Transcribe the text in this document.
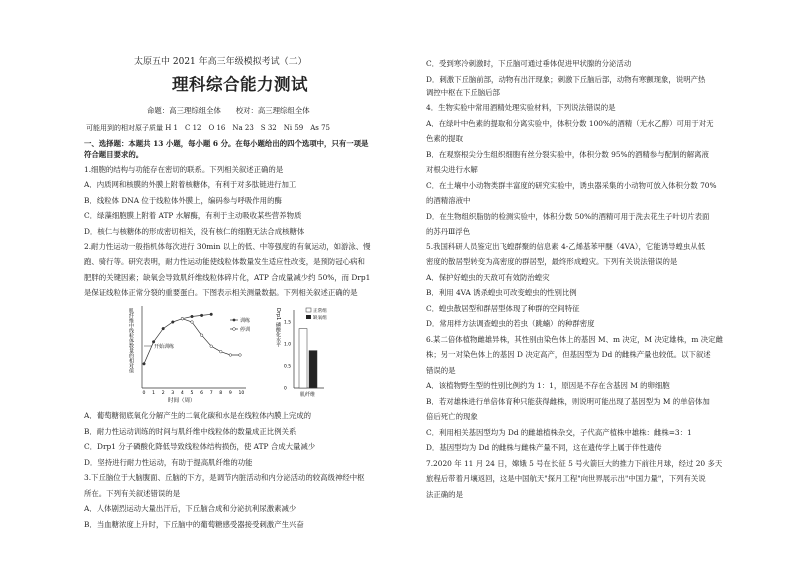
太原五中 2021 年高三年级模拟考试（二）
理科综合能力测试
命题：高三理综组全体　　校对：高三理综组全体
可能用到的相对原子质量 H 1　C 12　O 16　Na 23　S 32　Ni 59　As 75
一、选择题：本题共 13 小题，每小题 6 分。在每小题给出的四个选项中，只有一项是
符合题目要求的。
1.细胞的结构与功能存在密切的联系。下列相关叙述正确的是
A．内质网和核膜的外膜上附着核糖体，有利于对多肽链进行加工
B．线粒体 DNA 位于线粒体外膜上，编码参与呼吸作用的酶
C．绿藻细胞膜上附着 ATP 水解酶，有利于主动吸收某些营养物质
D．核仁与核糖体的形成密切相关，没有核仁的细胞无法合成核糖体
2.耐力性运动一般指机体每次进行 30min 以上的低、中等强度的有氧运动，如游泳、慢
跑、骑行等。研究表明，耐力性运动能使线粒体数量发生适应性改变，是预防冠心病和
肥胖的关键因素；缺氧会导致肌纤维线粒体碎片化，ATP 合成量减少约 50%，而 Drp1
是保证线粒体正常分裂的重要蛋白。下图表示相关测量数据。下列相关叙述正确的是
A．葡萄糖彻底氧化分解产生的二氧化碳和水是在线粒体内膜上完成的
B．耐力性运动训练的时间与肌纤维中线粒体的数量成正比例关系
C．Drp1 分子磷酸化降低导致线粒体结构损伤，使 ATP 合成大量减少
D．坚持进行耐力性运动，有助于提高肌纤维的功能
3.下丘脑位于大脑腹面、丘脑的下方，是调节内脏活动和内分泌活动的较高级神经中枢
所在。下列有关叙述错误的是
A．人体剧烈运动大量出汗后，下丘脑合成和分泌抗利尿激素减少
B．当血糖浓度上升时，下丘脑中的葡萄糖感受器接受刺激产生兴奋
肌纤维中线粒体数量的相对值
0 1 2 3 4 5 6 7 8 9 10
时间（周）
开始训练
训练
停训	Drp1 磷酸化水平 1.5
1.0
0.5
0
正常组
缺氧组
肌纤维
C．受到寒冷刺激时，下丘脑可通过垂体促进甲状腺的分泌活动
D．刺激下丘脑前部，动物有出汗现象；刺激下丘脑后部，动物有寒颤现象，说明产热
调控中枢在下丘脑后部
4．生物实验中常用酒精处理实验材料，下列说法错误的是
A．在绿叶中色素的提取和分离实验中，体积分数 100%的酒精（无水乙醇）可用于对无
色素的提取
B．在观察根尖分生组织细胞有丝分裂实验中，体积分数 95%的酒精参与配制的解离液
对根尖进行水解
C．在土壤中小动物类群丰富度的研究实验中，诱虫器采集的小动物可放入体积分数 70%
的酒精溶液中
D．在生物组织脂肪的检测实验中，体积分数 50%的酒精可用于洗去花生子叶切片表面
的苏丹Ⅲ浮色
5.我国科研人员鉴定出飞蝗群聚的信息素 4-乙烯基苯甲醚（4VA），它能诱导蝗虫从低
密度的散居型转变为高密度的群居型，最终形成蝗灾。下列有关说法错误的是
A．保护好蝗虫的天敌可有效防治蝗灾
B．利用 4VA 诱杀蝗虫可改变蝗虫的性别比例
C．蝗虫散居型和群居型体现了种群的空间特征
D．常用样方法调查蝗虫的若虫（跳蝻）的种群密度
6.某二倍体植物雌雄异株，其性别由染色体上的基因 M、m 决定，M 决定雄株，m 决定雌
株；另一对染色体上的基因 D 决定高产，但基因型为 Dd 的雌株产量也较低。以下叙述
错误的是
A．该植物野生型的性别比例约为 1：1，原因是不存在含基因 M 的卵细胞
B．若对雄株进行单倍体育种只能获得雌株，则说明可能出现了基因型为 M 的单倍体加
倍后死亡的现象
C．利用相关基因型均为 Dd 的雌雄植株杂交，子代高产植株中雄株：雌株=3：1
D．基因型均为 Dd 的雌株与雌株产量不同，这在遗传学上属于伴性遗传
7.2020 年 11 月 24 日，嫦娥 5 号在长征 5 号火箭巨大的推力下前往月球，经过 20 多天
旅程后带着月壤返回，这是中国航天"探月工程"向世界展示出"中国力量"，下列有关说
法正确的是
